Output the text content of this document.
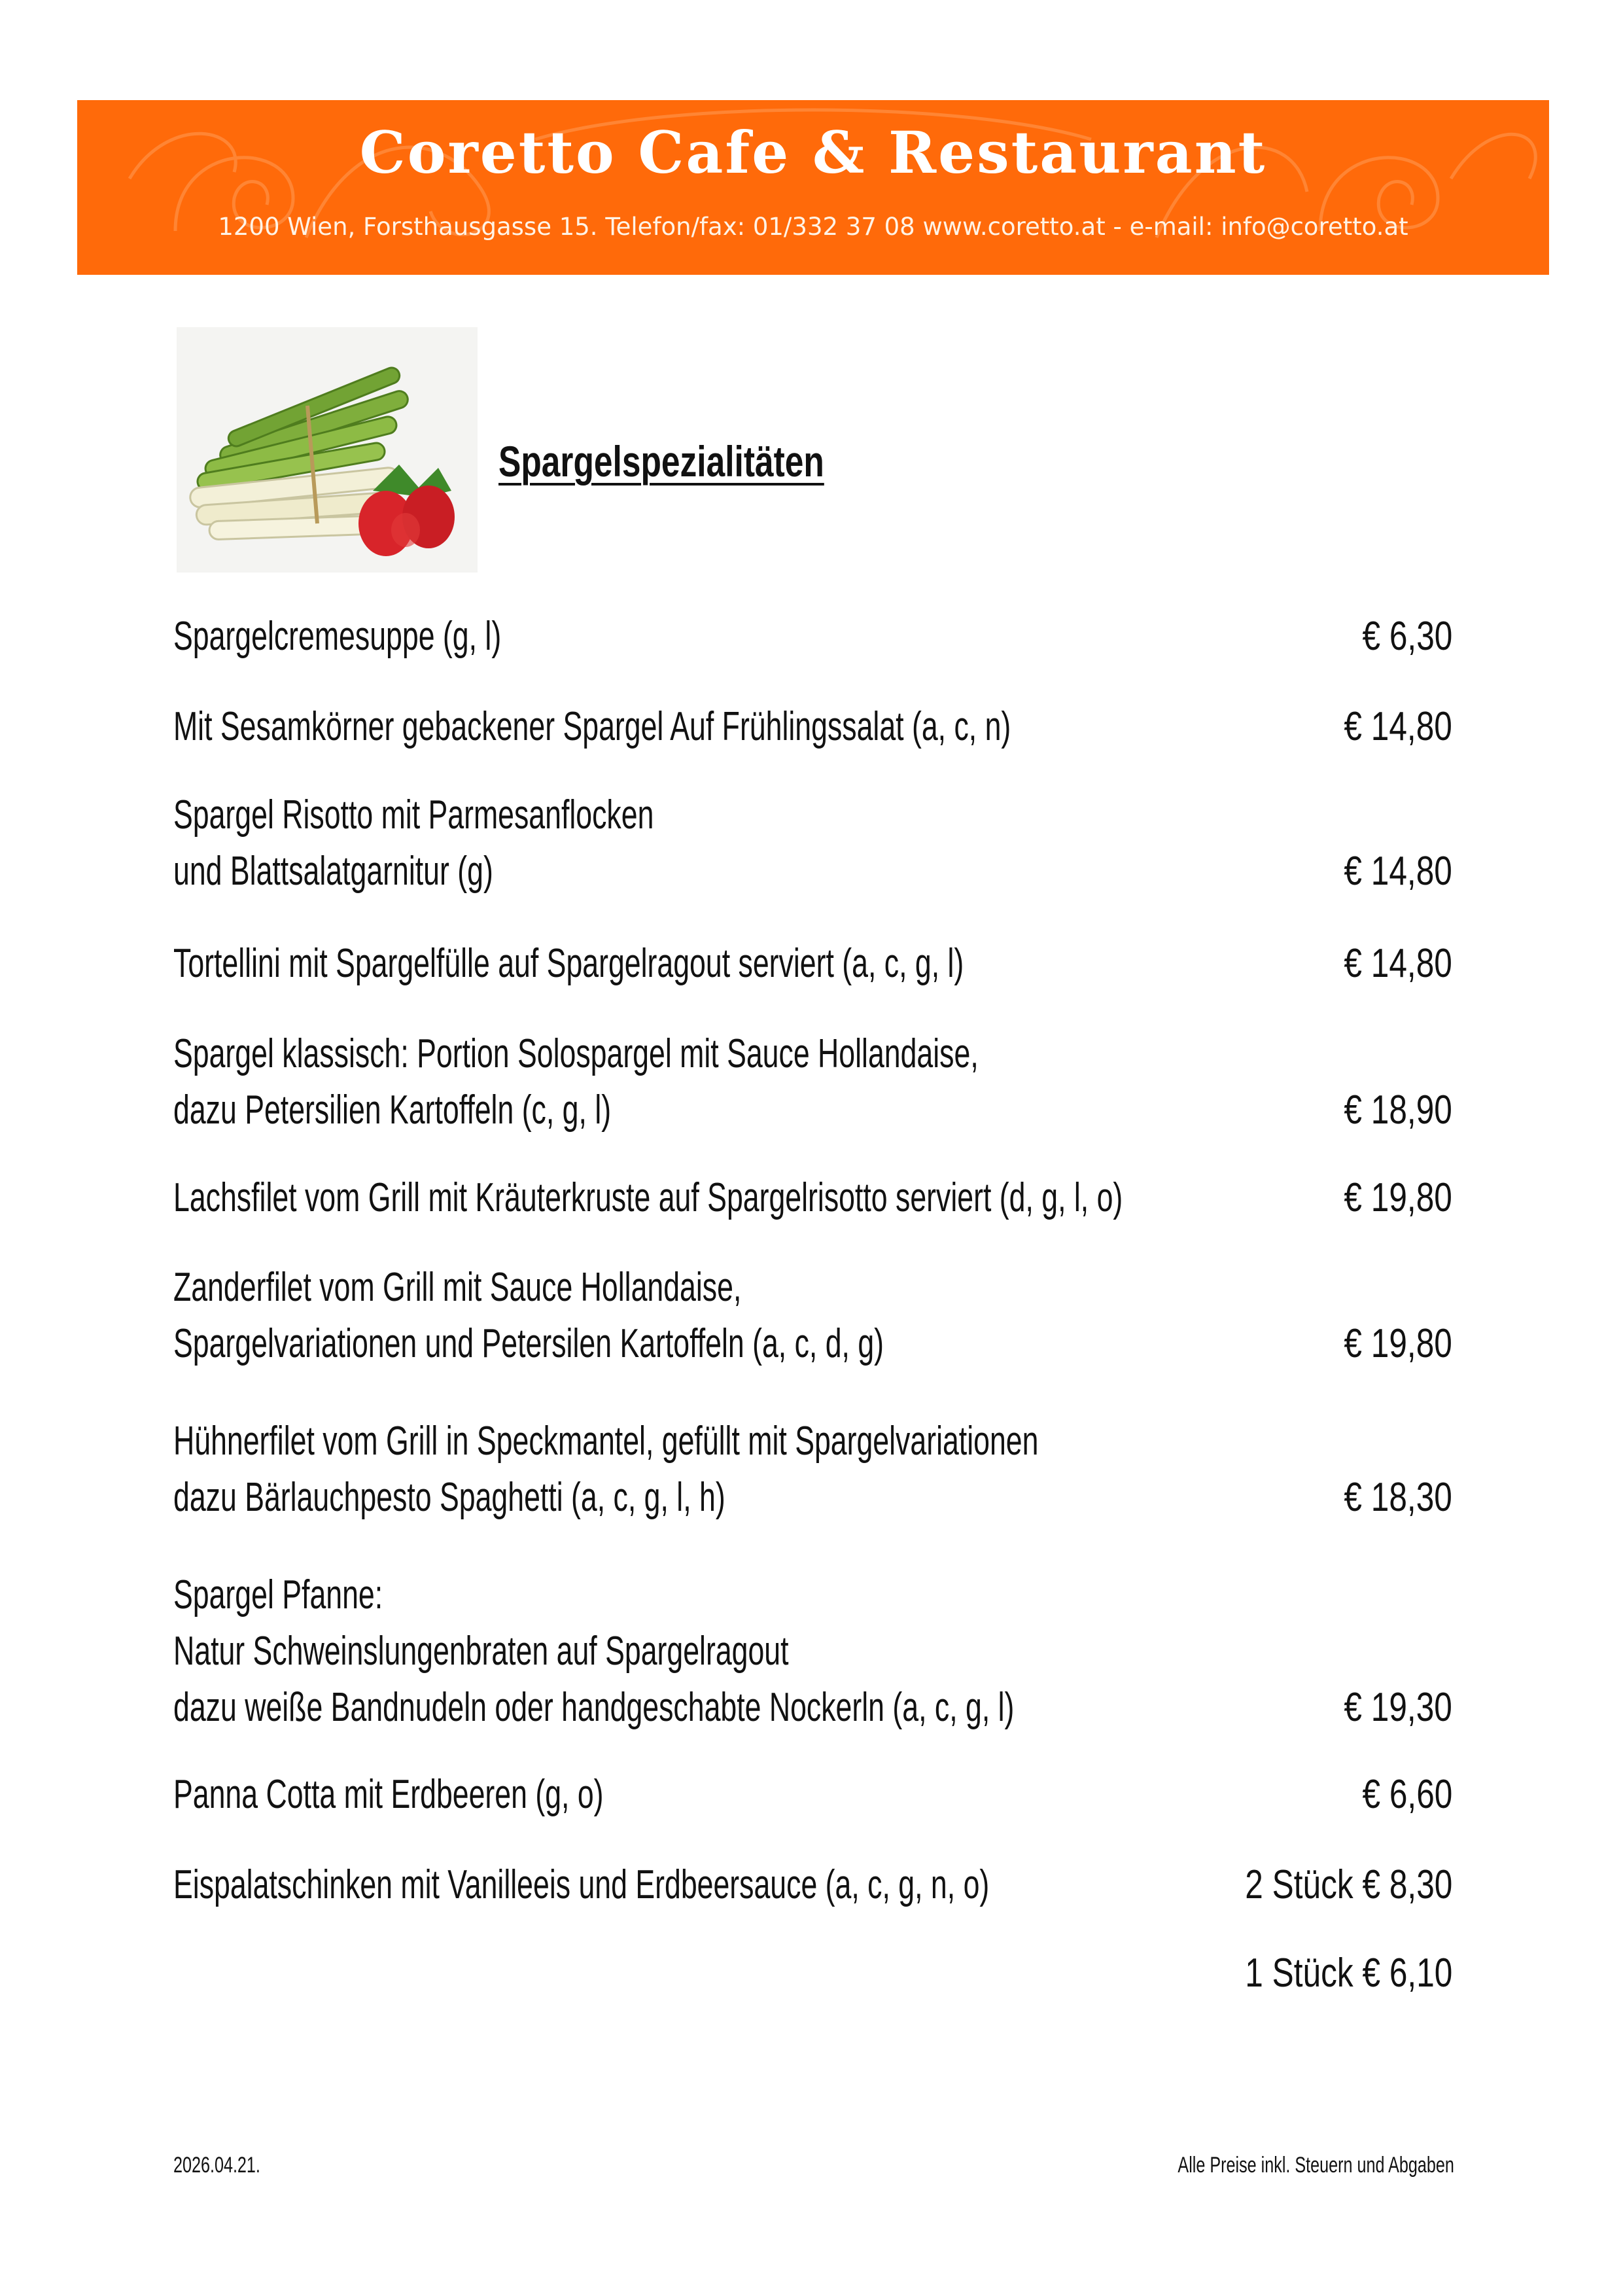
Coretto Cafe & Restaurant
1200 Wien, Forsthausgasse 15. Telefon/fax: 01/332 37 08 www.coretto.at - e-mail: info@coretto.at
Spargelspezialitäten
Spargelcremesuppe (g, l)	€ 6,30
Mit Sesamkörner gebackener Spargel Auf Frühlingssalat (a, c, n)	€ 14,80
Spargel Risotto mit Parmesanflocken
und Blattsalatgarnitur (g)	€ 14,80
Tortellini mit Spargelfülle auf Spargelragout serviert (a, c, g, l)	€ 14,80
Spargel klassisch: Portion Solospargel mit Sauce Hollandaise,
dazu Petersilien Kartoffeln (c, g, l)	€ 18,90
Lachsfilet vom Grill mit Kräuterkruste auf Spargelrisotto serviert (d, g, l, o)	€ 19,80
Zanderfilet vom Grill mit Sauce Hollandaise,
Spargelvariationen und Petersilen Kartoffeln (a, c, d, g)	€ 19,80
Hühnerfilet vom Grill in Speckmantel, gefüllt mit Spargelvariationen
dazu Bärlauchpesto Spaghetti (a, c, g, l, h)	€ 18,30
Spargel Pfanne:
Natur Schweinslungenbraten auf Spargelragout
dazu weiße Bandnudeln oder handgeschabte Nockerln (a, c, g, l)	€ 19,30
Panna Cotta mit Erdbeeren (g, o)	€ 6,60
Eispalatschinken mit Vanilleeis und Erdbeersauce (a, c, g, n, o)	2 Stück € 8,30

1 Stück € 6,10
2026.04.21.	Alle Preise inkl. Steuern und Abgaben
